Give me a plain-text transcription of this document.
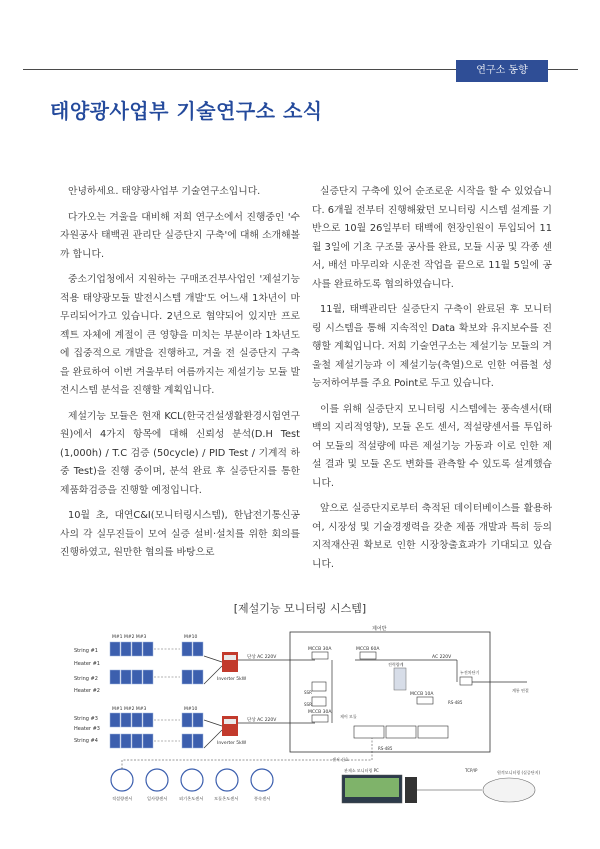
연구소 동향
태양광사업부 기술연구소 소식

안녕하세요. 태양광사업부 기술연구소입니다.

다가오는 겨울을 대비해 저희 연구소에서 진행중인 '수자원공사 태백권 관리단 실증단지 구축'에 대해 소개해볼까 합니다.

중소기업청에서 지원하는 구매조건부사업인 '제설기능 적용 태양광모듈 발전시스템 개발'도 어느새 1차년이 마무리되어가고 있습니다. 2년으로 협약되어 있지만 프로젝트 자체에 계절이 큰 영향을 미치는 부분이라 1차년도에 집중적으로 개발을 진행하고, 겨울 전 실증단지 구축을 완료하여 이번 겨울부터 여름까지는 제설기능 모듈 발전시스템 분석을 진행할 계획입니다.

제설기능 모듈은 현재 KCL(한국건설생활환경시험연구원)에서 4가지 항목에 대해 신뢰성 분석(D.H Test (1,000h) / T.C 검증 (50cycle) / PID Test / 기계적 하중 Test)을 진행 중이며, 분석 완료 후 실증단지를 통한 제품화검증을 진행할 예정입니다.

10월 초, 대연C&I(모니터링시스템), 한납전기통신공사의 각 실무진들이 모여 실증 설비·설치를 위한 회의를 진행하였고, 원만한 협의를 바탕으로

실증단지 구축에 있어 순조로운 시작을 할 수 있었습니다. 6개월 전부터 진행해왔던 모니터링 시스템 설계를 기반으로 10월 26일부터 태백에 현장인원이 투입되어 11월 3일에 기초 구조물 공사를 완료, 모듈 시공 및 각종 센서, 배선 마무리와 시운전 작업을 끝으로 11월 5일에 공사를 완료하도록 협의하였습니다.

11월, 태백관리단 실증단지 구축이 완료된 후 모니터링 시스템을 통해 지속적인 Data 확보와 유지보수를 진행할 계획입니다. 저희 기술연구소는 제설기능 모듈의 겨울철 제설기능과 이 제설기능(축열)으로 인한 여름철 성능저하여부를 주요 Point로 두고 있습니다.

이를 위해 실증단지 모니터링 시스템에는 풍속센서(태백의 지리적영향), 모듈 온도 센서, 적설량센서를 투입하여 모듈의 적설량에 따른 제설기능 가동과 이로 인한 제설 결과 및 모듈 온도 변화를 관측할 수 있도록 설계했습니다.

앞으로 실증단지로부터 축적된 데이터베이스를 활용하여, 시장성 및 기술경쟁력을 갖춘 제품 개발과 특히 등의 지적재산권 확보로 인한 시장창출효과가 기대되고 있습니다.

[제설기능 모니터링 시스템]
String #1
Heater #1
String #2
Heater #2
String #3
Heater #3
String #4
M#1 M#2 M#3	M#10
M#1 M#2 M#3	M#10
Inverter 5kW
Inverter 5kW
단상 AC 220V
단상 AC 220V
AC 220V
제어반
MCCB 30A	MCCB 60A
MCCB 30A
MCCB 10A
전력량계
누전차단기
계통 연결
SSR
SSR	RS-485
RS-485
제어 모듈
TCP/IP
센서 신호
관제소 모니터링 PC	원격모니터링 (실증단지)
적설량센서	일사량센서	외기온도센서	모듈온도센서	풍속센서
